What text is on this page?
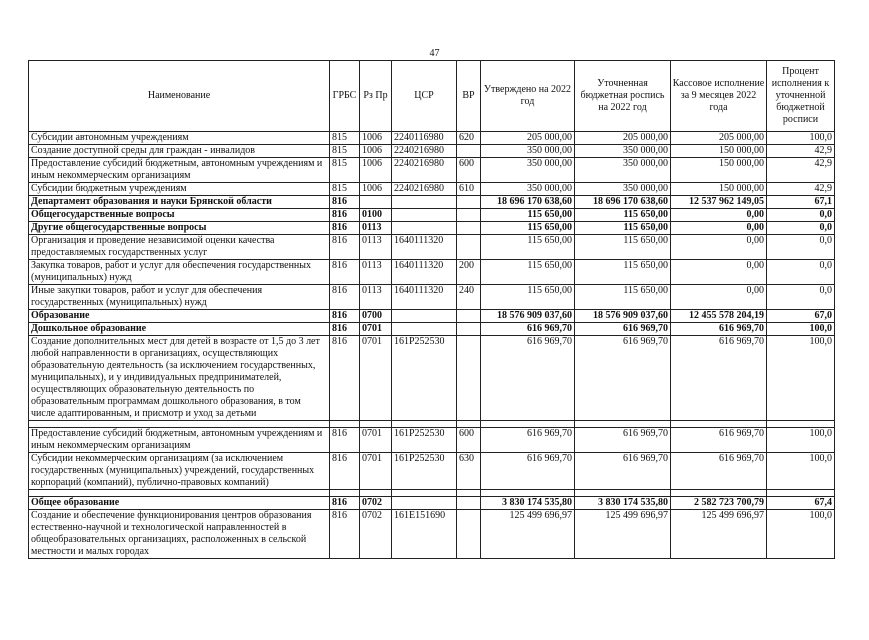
47
Наименование	ГРБС	Рз Пр	ЦСР	ВР	Утверждено на 2022 год	Уточненная бюджетная роспись на 2022 год	Кассовое исполнение за 9 месяцев 2022 года	Процент исполнения к уточненной бюджетной росписи
Субсидии автономным учреждениям	815	1006	2240116980	620	205 000,00	205 000,00	205 000,00	100,0
Создание доступной среды для граждан - инвалидов	815	1006	2240216980		350 000,00	350 000,00	150 000,00	42,9
Предоставление субсидий бюджетным, автономным учреждениям и иным некоммерческим организациям	815	1006	2240216980	600	350 000,00	350 000,00	150 000,00	42,9
Субсидии бюджетным учреждениям	815	1006	2240216980	610	350 000,00	350 000,00	150 000,00	42,9
Департамент образования и науки Брянской области	816				18 696 170 638,60	18 696 170 638,60	12 537 962 149,05	67,1
Общегосударственные вопросы	816	0100			115 650,00	115 650,00	0,00	0,0
Другие общегосударственные вопросы	816	0113			115 650,00	115 650,00	0,00	0,0
Организация и проведение независимой оценки качества предоставляемых государственных услуг	816	0113	1640111320		115 650,00	115 650,00	0,00	0,0
Закупка товаров, работ и услуг для обеспечения государственных (муниципальных) нужд	816	0113	1640111320	200	115 650,00	115 650,00	0,00	0,0
Иные закупки товаров, работ и услуг для обеспечения государственных (муниципальных) нужд	816	0113	1640111320	240	115 650,00	115 650,00	0,00	0,0
Образование	816	0700			18 576 909 037,60	18 576 909 037,60	12 455 578 204,19	67,0
Дошкольное образование	816	0701			616 969,70	616 969,70	616 969,70	100,0
Создание дополнительных мест для детей в возрасте от 1,5 до 3 лет любой направленности в организациях, осуществляющих образовательную деятельность (за исключением государственных, муниципальных), и у индивидуальных предпринимателей, осуществляющих образовательную деятельность по образовательным программам дошкольного образования, в том числе адаптированным, и присмотр и уход за детьми	816	0701	161P252530		616 969,70	616 969,70	616 969,70	100,0

Предоставление субсидий бюджетным, автономным учреждениям и иным некоммерческим организациям	816	0701	161P252530	600	616 969,70	616 969,70	616 969,70	100,0
Субсидии некоммерческим организациям (за исключением государственных (муниципальных) учреждений, государственных корпораций (компаний), публично-правовых компаний)	816	0701	161P252530	630	616 969,70	616 969,70	616 969,70	100,0

Общее образование	816	0702			3 830 174 535,80	3 830 174 535,80	2 582 723 700,79	67,4
Создание и обеспечение функционирования центров образования естественно-научной и технологической направленностей в общеобразовательных организациях, расположенных в сельской местности и малых городах	816	0702	161E151690		125 499 696,97	125 499 696,97	125 499 696,97	100,0
